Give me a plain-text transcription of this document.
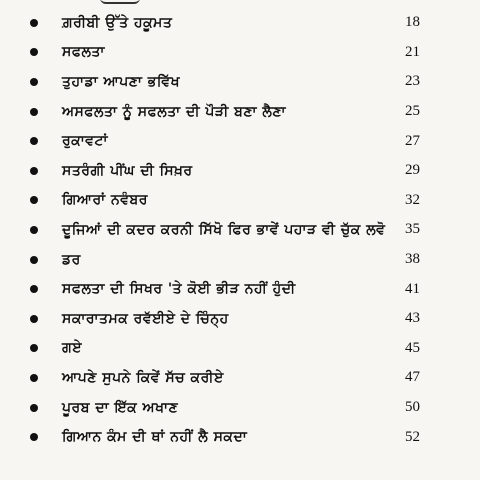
ਗ਼ਰੀਬੀ ਉੱਤੇ ਹਕੂਮਤ	18
ਸਫਲਤਾ	21
ਤੁਹਾਡਾ ਆਪਣਾ ਭਵਿੱਖ	23
ਅਸਫਲਤਾ ਨੂੰ ਸਫਲਤਾ ਦੀ ਪੌੜੀ ਬਣਾ ਲੈਣਾ	25
ਰੁਕਾਵਟਾਂ	27
ਸਤਰੰਗੀ ਪੀਂਘ ਦੀ ਸਿਖ਼ਰ	29
ਗਿਆਰਾਂ ਨਵੰਬਰ	32
ਦੂਜਿਆਂ ਦੀ ਕਦਰ ਕਰਨੀ ਸਿੱਖੋ ਫਿਰ ਭਾਵੇਂ ਪਹਾੜ ਵੀ ਚੁੱਕ ਲਵੋ	35
ਡਰ	38
ਸਫਲਤਾ ਦੀ ਸਿਖਰ 'ਤੇ ਕੋਈ ਭੀੜ ਨਹੀਂ ਹੁੰਦੀ	41
ਸਕਾਰਾਤਮਕ ਰਵੱਈਏ ਦੇ ਚਿੰਨ੍ਹ	43
ਗਏ	45
ਆਪਣੇ ਸੁਪਨੇ ਕਿਵੇਂ ਸੱਚ ਕਰੀਏ	47
ਪੂਰਬ ਦਾ ਇੱਕ ਅਖਾਣ	50
ਗਿਆਨ ਕੰਮ ਦੀ ਥਾਂ ਨਹੀਂ ਲੈ ਸਕਦਾ	52
